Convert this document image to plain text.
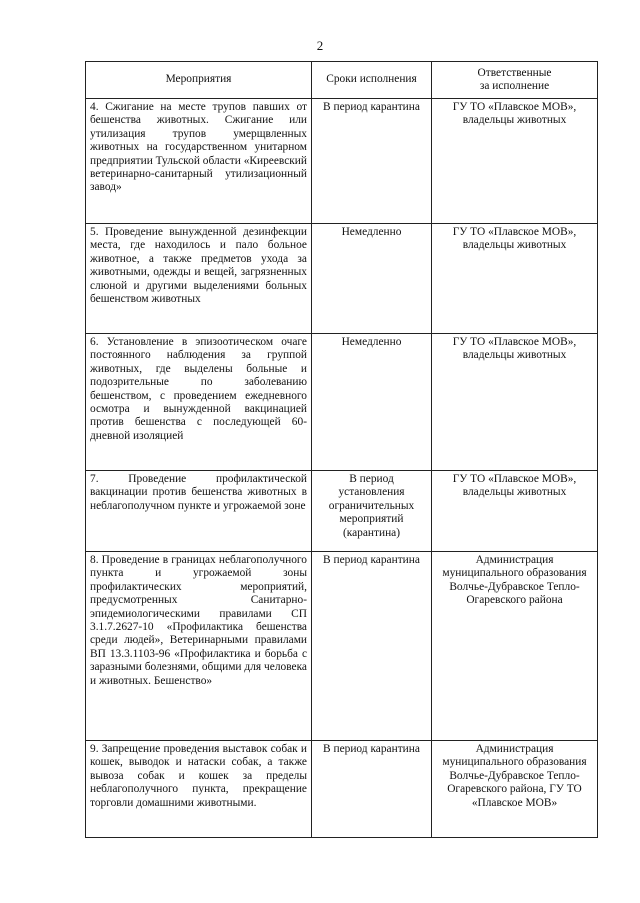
2
Мероприятия	Сроки исполнения	Ответственные
за исполнение
4. Сжигание на месте трупов павших от бешенства животных. Сжигание или утилизация трупов умерщвленных животных на государственном унитарном предприятии Тульской области «Киреевский ветеринарно-санитарный утилизационный завод»	В период карантина	ГУ ТО «Плавское МОВ», владельцы животных
5. Проведение вынужденной дезинфекции места, где находилось и пало больное животное, а также предметов ухода за животными, одежды и вещей, загрязненных слюной и другими выделениями больных бешенством животных	Немедленно	ГУ ТО «Плавское МОВ», владельцы животных
6. Установление в эпизоотическом очаге постоянного наблюдения за группой животных, где выделены больные и подозрительные по заболеванию бешенством, с проведением ежедневного осмотра и вынужденной вакцинацией против бешенства с последующей 60-дневной изоляцией	Немедленно	ГУ ТО «Плавское МОВ», владельцы животных
7. Проведение профилактической вакцинации против бешенства животных в неблагополучном пункте и угрожаемой зоне	В период установления ограничительных мероприятий (карантина)	ГУ ТО «Плавское МОВ», владельцы животных
8. Проведение в границах неблагополучного пункта и угрожаемой зоны профилактических мероприятий, предусмотренных Санитарно-эпидемиологическими правилами СП 3.1.7.2627-10 «Профилактика бешенства среди людей», Ветеринарными правилами ВП 13.3.1103-96 «Профилактика и борьба с заразными болезнями, общими для человека и животных. Бешенство»	В период карантина	Администрация муниципального образования Волчье-Дубравское Тепло-Огаревского района
9. Запрещение проведения выставок собак и кошек, выводок и натаски собак, а также вывоза собак и кошек за пределы неблагополучного пункта, прекращение торговли домашними животными.	В период карантина	Администрация муниципального образования Волчье-Дубравское Тепло-Огаревского района, ГУ ТО «Плавское МОВ»
